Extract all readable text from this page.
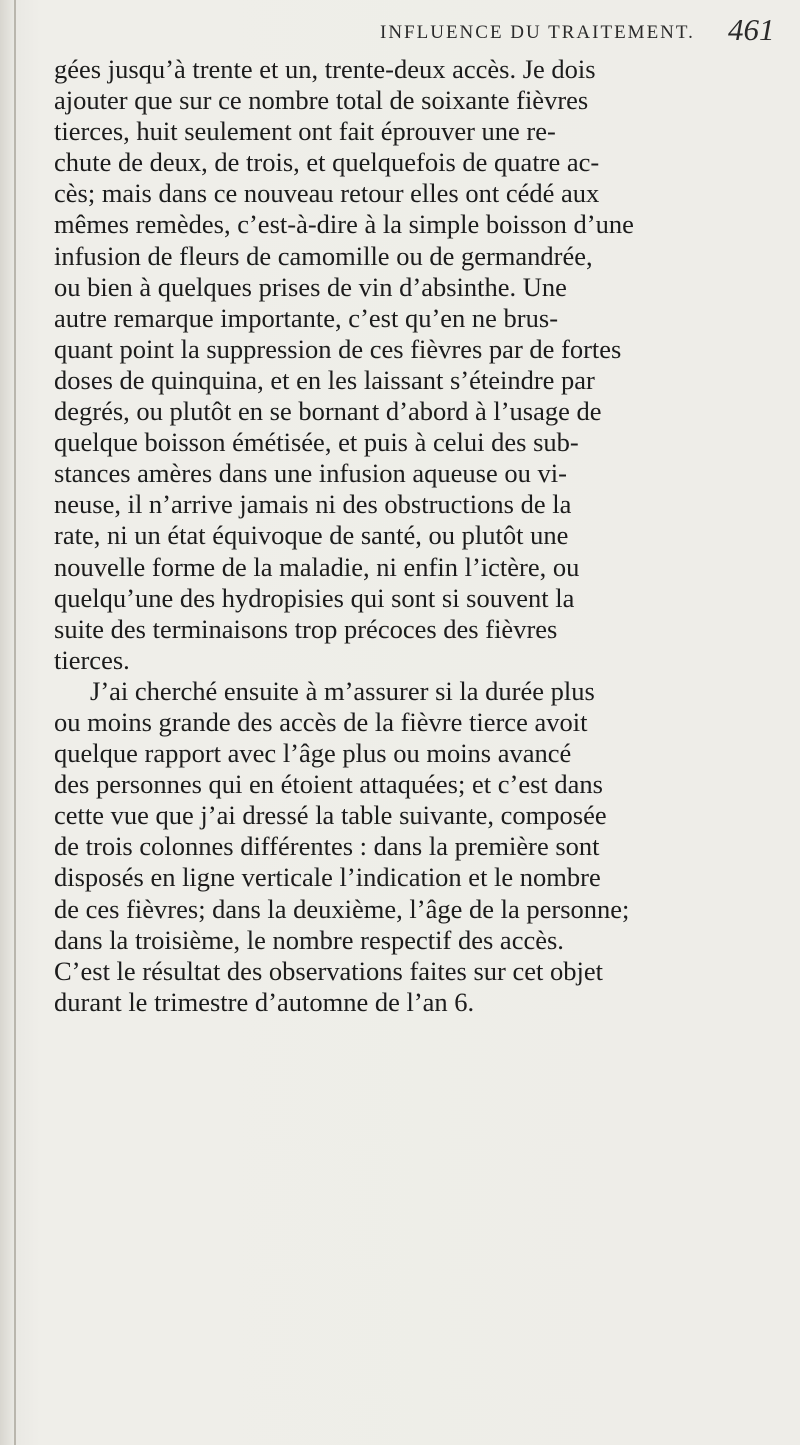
INFLUENCE DU TRAITEMENT. 461
gées jusqu’à trente et un, trente-deux accès. Je dois
ajouter que sur ce nombre total de soixante fièvres
tierces, huit seulement ont fait éprouver une re-
chute de deux, de trois, et quelquefois de quatre ac-
cès; mais dans ce nouveau retour elles ont cédé aux
mêmes remèdes, c’est-à-dire à la simple boisson d’une
infusion de fleurs de camomille ou de germandrée,
ou bien à quelques prises de vin d’absinthe. Une
autre remarque importante, c’est qu’en ne brus-
quant point la suppression de ces fièvres par de fortes
doses de quinquina, et en les laissant s’éteindre par
degrés, ou plutôt en se bornant d’abord à l’usage de
quelque boisson émétisée, et puis à celui des sub-
stances amères dans une infusion aqueuse ou vi-
neuse, il n’arrive jamais ni des obstructions de la
rate, ni un état équivoque de santé, ou plutôt une
nouvelle forme de la maladie, ni enfin l’ictère, ou
quelqu’une des hydropisies qui sont si souvent la
suite des terminaisons trop précoces des fièvres
tierces.
J’ai cherché ensuite à m’assurer si la durée plus
ou moins grande des accès de la fièvre tierce avoit
quelque rapport avec l’âge plus ou moins avancé
des personnes qui en étoient attaquées; et c’est dans
cette vue que j’ai dressé la table suivante, composée
de trois colonnes différentes : dans la première sont
disposés en ligne verticale l’indication et le nombre
de ces fièvres; dans la deuxième, l’âge de la personne;
dans la troisième, le nombre respectif des accès.
C’est le résultat des observations faites sur cet objet
durant le trimestre d’automne de l’an 6.
